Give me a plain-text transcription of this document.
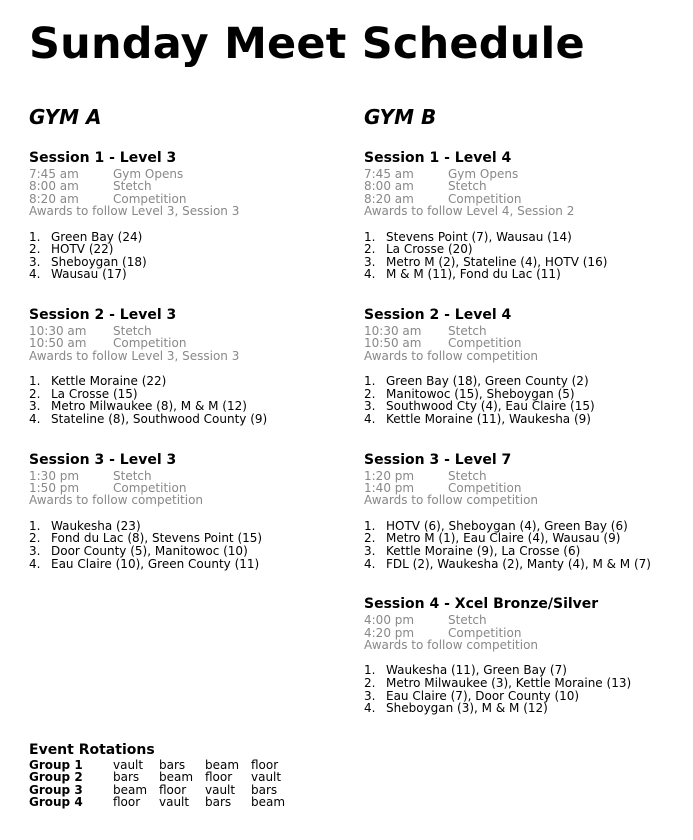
Sunday Meet Schedule
GYM A
Session 1 - Level 3
7:45 am	Gym Opens
8:00 am	Stetch
8:20 am	Competition
Awards to follow Level 3, Session 3
1. Green Bay (24)
2. HOTV (22)
3. Sheboygan (18)
4. Wausau (17)
Session 2 - Level 3
10:30 am	Stetch
10:50 am	Competition
Awards to follow Level 3, Session 3
1. Kettle Moraine (22)
2. La Crosse (15)
3. Metro Milwaukee (8), M & M (12)
4. Stateline (8), Southwood County (9)
Session 3 - Level 3
1:30 pm	Stetch
1:50 pm	Competition
Awards to follow competition
1. Waukesha (23)
2. Fond du Lac (8), Stevens Point (15)
3. Door County (5), Manitowoc (10)
4. Eau Claire (10), Green County (11)
GYM B
Session 1 - Level 4
7:45 am	Gym Opens
8:00 am	Stetch
8:20 am	Competition
Awards to follow Level 4, Session 2
1. Stevens Point (7), Wausau (14)
2. La Crosse (20)
3. Metro M (2), Stateline (4), HOTV (16)
4. M & M (11), Fond du Lac (11)
Session 2 - Level 4
10:30 am	Stetch
10:50 am	Competition
Awards to follow competition
1. Green Bay (18), Green County (2)
2. Manitowoc (15), Sheboygan (5)
3. Southwood Cty (4), Eau Claire (15)
4. Kettle Moraine (11), Waukesha (9)
Session 3 - Level 7
1:20 pm	Stetch
1:40 pm	Competition
Awards to follow competition
1. HOTV (6), Sheboygan (4), Green Bay (6)
2. Metro M (1), Eau Claire (4), Wausau (9)
3. Kettle Moraine (9), La Crosse (6)
4. FDL (2), Waukesha (2), Manty (4), M & M (7)
Session 4 - Xcel Bronze/Silver
4:00 pm	Stetch
4:20 pm	Competition
Awards to follow competition
1. Waukesha (11), Green Bay (7)
2. Metro Milwaukee (3), Kettle Moraine (13)
3. Eau Claire (7), Door County (10)
4. Sheboygan (3), M & M (12)
Event Rotations
Group 1	vault	bars	beam	floor
Group 2	bars	beam	floor	vault
Group 3	beam	floor	vault	bars
Group 4	floor	vault	bars	beam
